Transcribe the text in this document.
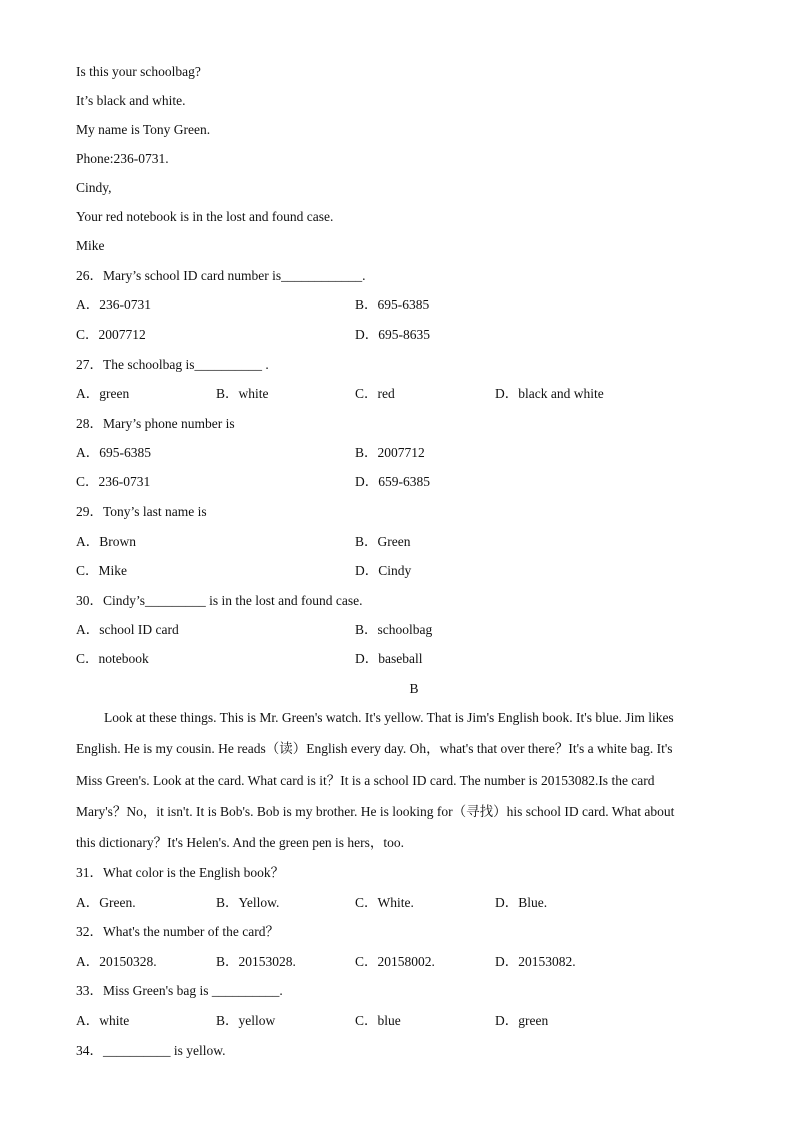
Is this your schoolbag?
It’s black and white.
My name is Tony Green.
Phone:236-0731.
Cindy,
Your red notebook is in the lost and found case.
Mike
26．Mary’s school ID card number is____________.
A．236-0731	B．695-6385
C．2007712	D．695-8635
27．The schoolbag is__________ .
A．green	B．white	C．red	D．black and white
28．Mary’s phone number is
A．695-6385	B．2007712
C．236-0731	D．659-6385
29．Tony’s last name is
A．Brown	B．Green
C．Mike	D．Cindy
30．Cindy’s_________ is in the lost and found case.
A．school ID card	B．schoolbag
C．notebook	D．baseball
B
Look at these things. This is Mr. Green's watch. It's yellow. That is Jim's English book. It's blue. Jim likes
English. He is my cousin. He reads（读）English every day. Oh，what's that over there？It's a white bag. It's
Miss Green's. Look at the card. What card is it？It is a school ID card. The number is 20153082.Is the card
Mary's？No，it isn't. It is Bob's. Bob is my brother. He is looking for（寻找）his school ID card. What about
this dictionary？It's Helen's. And the green pen is hers，too.
31．What color is the English book？
A．Green.	B．Yellow.	C．White.	D．Blue.
32．What's the number of the card？
A．20150328.	B．20153028.	C．20158002.	D．20153082.
33．Miss Green's bag is __________.
A．white	B．yellow	C．blue	D．green
34．__________ is yellow.
